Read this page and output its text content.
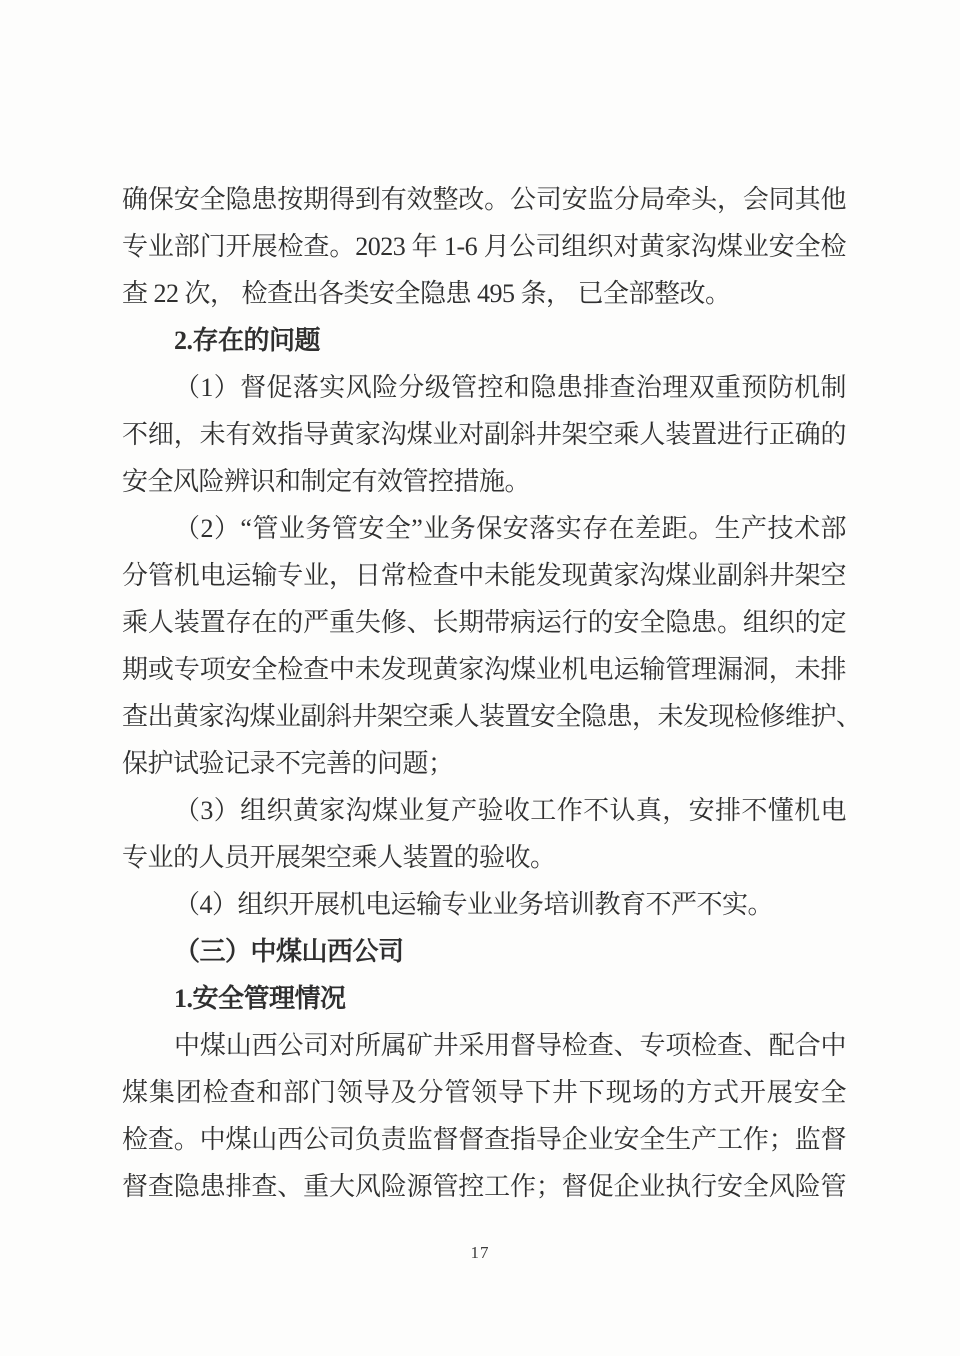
确保安全隐患按期得到有效整改。公司安监分局牵头，会同其他
专业部门开展检查。2023 年 1-6 月公司组织对黄家沟煤业安全检
查 22 次， 检查出各类安全隐患 495 条， 已全部整改。
2.存在的问题
（1）督促落实风险分级管控和隐患排查治理双重预防机制
不细，未有效指导黄家沟煤业对副斜井架空乘人装置进行正确的
安全风险辨识和制定有效管控措施。
（2）“管业务管安全”业务保安落实存在差距。生产技术部
分管机电运输专业，日常检查中未能发现黄家沟煤业副斜井架空
乘人装置存在的严重失修、长期带病运行的安全隐患。组织的定
期或专项安全检查中未发现黄家沟煤业机电运输管理漏洞，未排
查出黄家沟煤业副斜井架空乘人装置安全隐患，未发现检修维护、
保护试验记录不完善的问题；
（3）组织黄家沟煤业复产验收工作不认真，安排不懂机电
专业的人员开展架空乘人装置的验收。
（4）组织开展机电运输专业业务培训教育不严不实。
（三）中煤山西公司
1.安全管理情况
中煤山西公司对所属矿井采用督导检查、专项检查、配合中
煤集团检查和部门领导及分管领导下井下现场的方式开展安全
检查。中煤山西公司负责监督督查指导企业安全生产工作；监督
督查隐患排查、重大风险源管控工作；督促企业执行安全风险管
17
